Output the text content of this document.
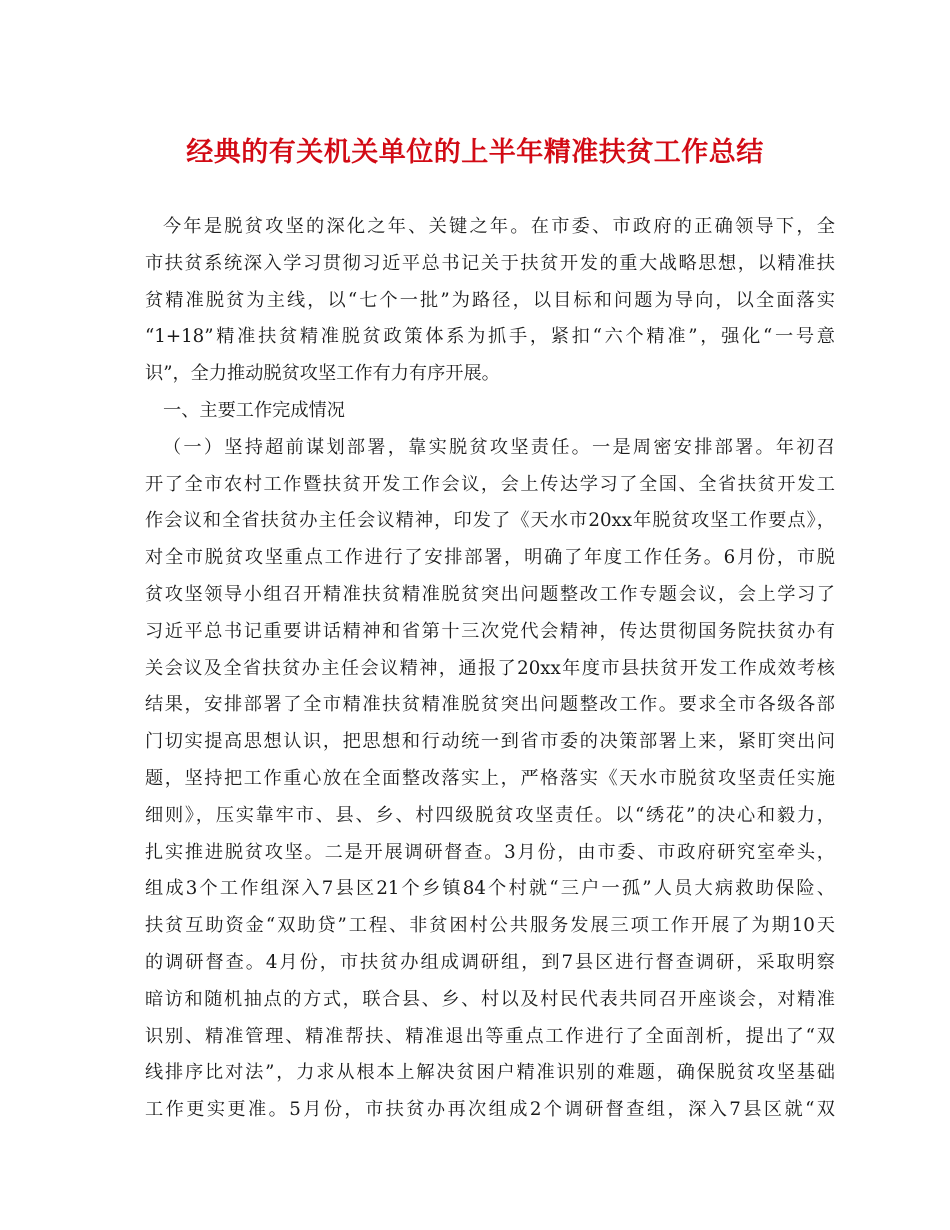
经典的有关机关单位的上半年精准扶贫工作总结
今年是脱贫攻坚的深化之年、关键之年。在市委、市政府的正确领导下，全
市扶贫系统深入学习贯彻习近平总书记关于扶贫开发的重大战略思想，以精准扶
贫精准脱贫为主线，以“七个一批”为路径，以目标和问题为导向，以全面落实
“1+18”精准扶贫精准脱贫政策体系为抓手，紧扣“六个精准”，强化“一号意
识”，全力推动脱贫攻坚工作有力有序开展。
一、主要工作完成情况
（一）坚持超前谋划部署，靠实脱贫攻坚责任。一是周密安排部署。年初召
开了全市农村工作暨扶贫开发工作会议，会上传达学习了全国、全省扶贫开发工
作会议和全省扶贫办主任会议精神，印发了《天水市20xx年脱贫攻坚工作要点》，
对全市脱贫攻坚重点工作进行了安排部署，明确了年度工作任务。6月份，市脱
贫攻坚领导小组召开精准扶贫精准脱贫突出问题整改工作专题会议，会上学习了
习近平总书记重要讲话精神和省第十三次党代会精神，传达贯彻国务院扶贫办有
关会议及全省扶贫办主任会议精神，通报了20xx年度市县扶贫开发工作成效考核
结果，安排部署了全市精准扶贫精准脱贫突出问题整改工作。要求全市各级各部
门切实提高思想认识，把思想和行动统一到省市委的决策部署上来，紧盯突出问
题，坚持把工作重心放在全面整改落实上，严格落实《天水市脱贫攻坚责任实施
细则》，压实靠牢市、县、乡、村四级脱贫攻坚责任。以“绣花”的决心和毅力，
扎实推进脱贫攻坚。二是开展调研督查。3月份，由市委、市政府研究室牵头，
组成3个工作组深入7县区21个乡镇84个村就“三户一孤”人员大病救助保险、
扶贫互助资金“双助贷”工程、非贫困村公共服务发展三项工作开展了为期10天
的调研督查。4月份，市扶贫办组成调研组，到7县区进行督查调研，采取明察
暗访和随机抽点的方式，联合县、乡、村以及村民代表共同召开座谈会，对精准
识别、精准管理、精准帮扶、精准退出等重点工作进行了全面剖析，提出了“双
线排序比对法”，力求从根本上解决贫困户精准识别的难题，确保脱贫攻坚基础
工作更实更准。5月份，市扶贫办再次组成2个调研督查组，深入7县区就“双
